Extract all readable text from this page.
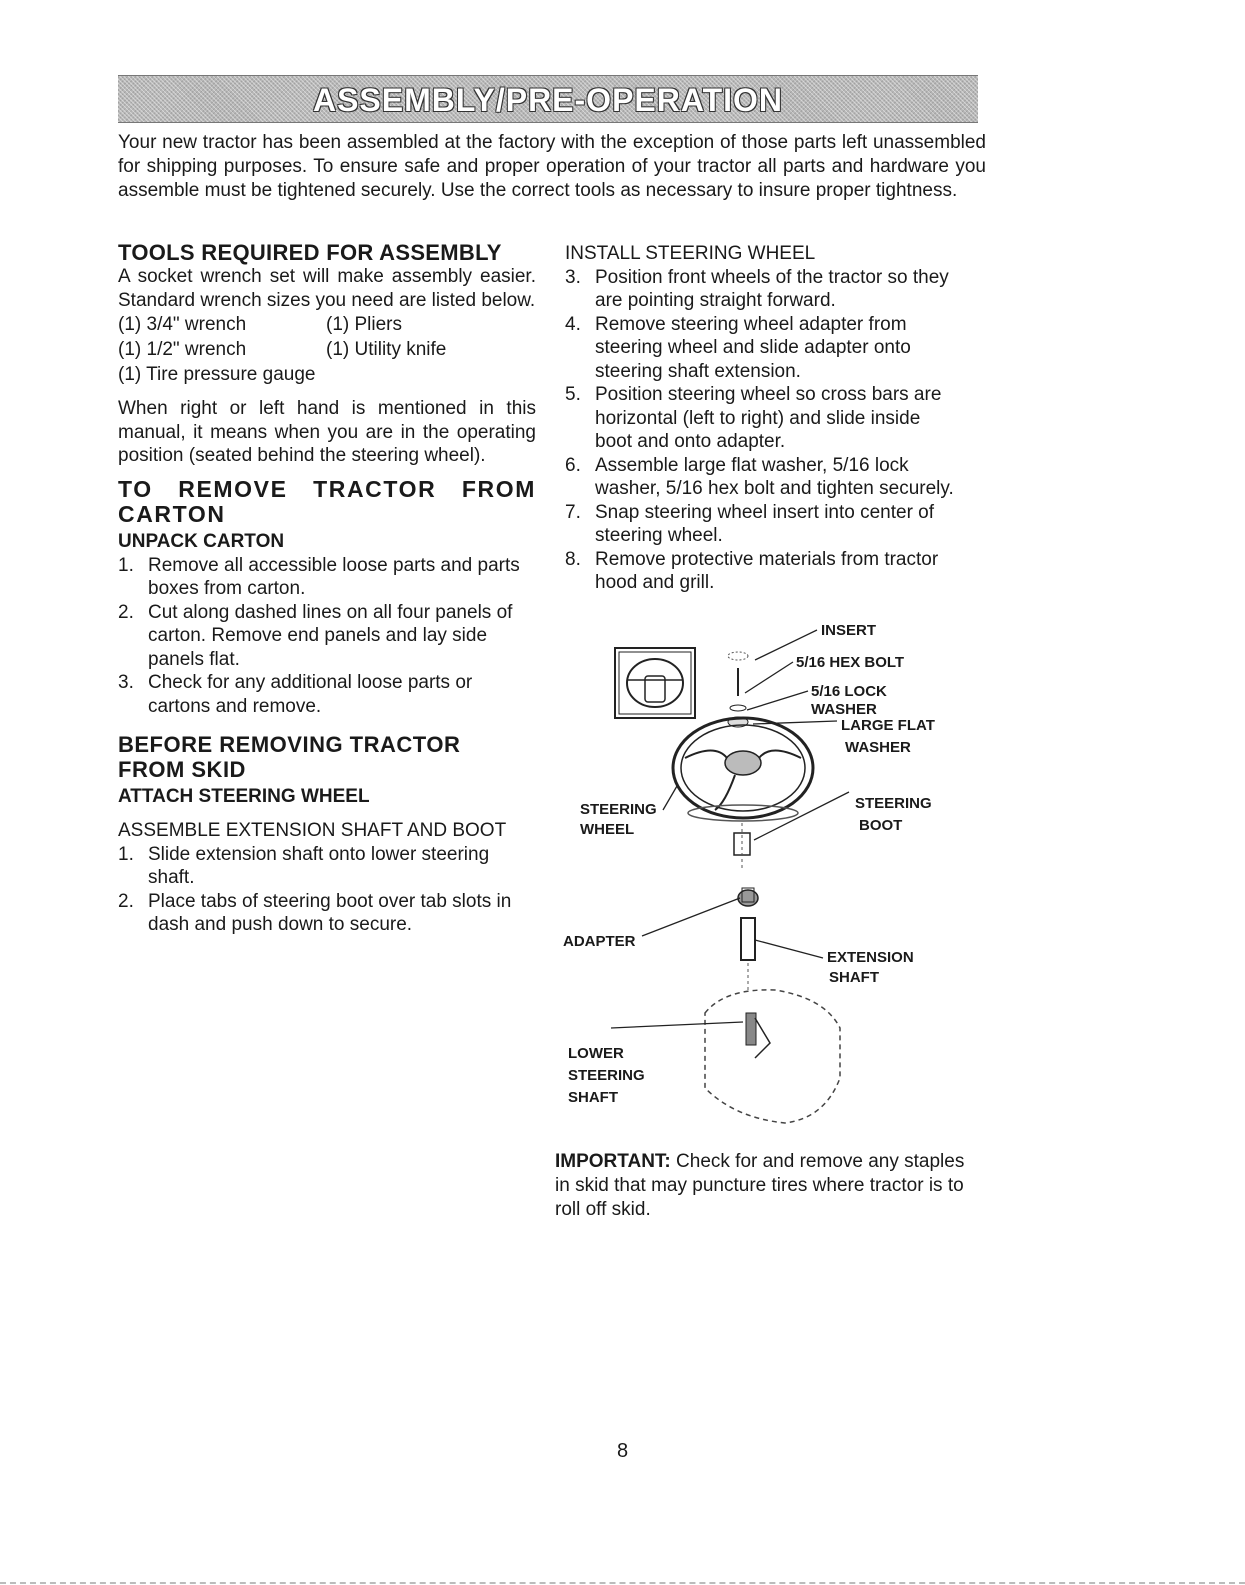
ASSEMBLY/PRE-OPERATION

Your new tractor has been assembled at the factory with the exception of those parts left unassembled for shipping purposes. To ensure safe and proper operation of your tractor all parts and hardware you assemble must be tightened securely. Use the correct tools as necessary to insure proper tightness.

TOOLS REQUIRED FOR ASSEMBLY

A socket wrench set will make assembly easier. Standard wrench sizes you need are listed below.

(1) 3/4" wrench	(1) Pliers
(1) 1/2" wrench	(1) Utility knife
(1) Tire pressure gauge

When right or left hand is mentioned in this manual, it means when you are in the operating position (seated behind the steering wheel).

TO REMOVE TRACTOR FROM CARTON
UNPACK CARTON
1. Remove all accessible loose parts and parts boxes from carton.
2. Cut along dashed lines on all four panels of carton. Remove end panels and lay side panels flat.
3. Check for any additional loose parts or cartons and remove.
BEFORE REMOVING TRACTOR FROM SKID
ATTACH STEERING WHEEL

ASSEMBLE EXTENSION SHAFT AND BOOT

1. Slide extension shaft onto lower steering shaft.
2. Place tabs of steering boot over tab slots in dash and push down to secure.

INSTALL STEERING WHEEL

3. Position front wheels of the tractor so they are pointing straight forward.
4. Remove steering wheel adapter from steering wheel and slide adapter onto steering shaft extension.
5. Position steering wheel so cross bars are horizontal (left to right) and slide inside boot and onto adapter.
6. Assemble large flat washer, 5/16 lock washer, 5/16 hex bolt and tighten securely.
7. Snap steering wheel insert into center of steering wheel.
8. Remove protective materials from tractor hood and grill.
INSERT
5/16 HEX BOLT
5/16 LOCK
WASHER
LARGE FLAT
WASHER
STEERING
WHEEL
STEERING
BOOT
ADAPTER
EXTENSION
SHAFT
LOWER
STEERING
SHAFT

IMPORTANT: Check for and remove any staples in skid that may puncture tires where tractor is to roll off skid.

8
